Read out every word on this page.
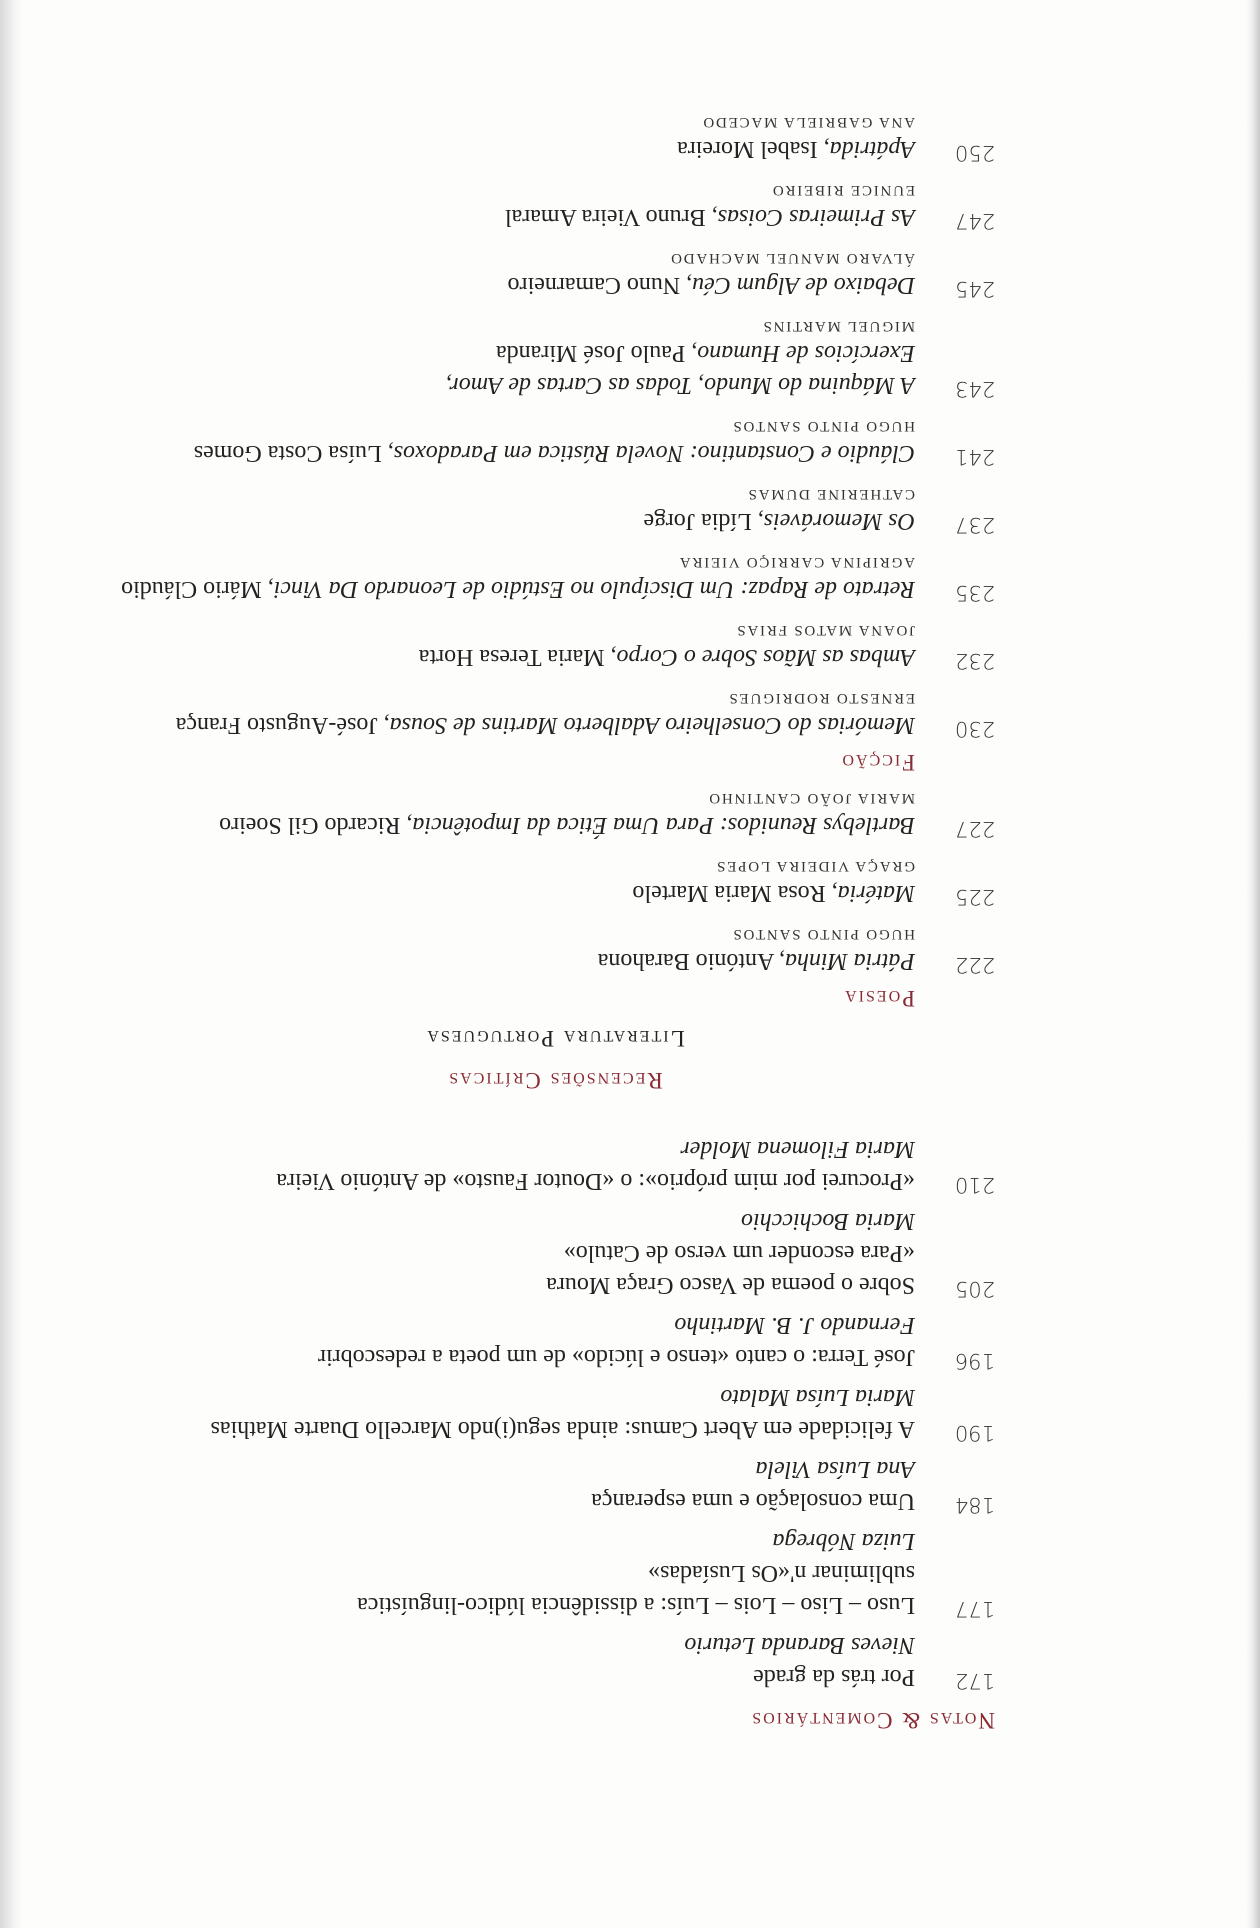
Notas & Comentários
172
Por trás da grade
Nieves Baranda Leturio
177
Luso – Liso – Lois – Luís: a dissidência lúdico-linguística
subliminar n'«Os Lusíadas»
Luiza Nóbrega
184
Uma consolação e uma esperança
Ana Luísa Vilela
190
A felicidade em Abert Camus: ainda segu(i)ndo Marcello Duarte Mathias
Maria Luísa Malato
196
José Terra: o canto «tenso e lúcido» de um poeta a redescobrir
Fernando J. B. Martinho
205
Sobre o poema de Vasco Graça Moura
«Para esconder um verso de Catulo»
Maria Bochicchio
210
«Procurei por mim próprio»: o «Doutor Fausto» de António Vieira
Maria Filomena Molder
Recensões Críticas
Literatura Portuguesa
Poesia
222
Pátria Minha, António Barahona
HUGO PINTO SANTOS
225
Matéria, Rosa Maria Martelo
GRAÇA VIDEIRA LOPES
227
Bartlebys Reunidos: Para Uma Ética da Impotência, Ricardo Gil Soeiro
MARIA JOÃO CANTINHO
Ficção
230
Memórias do Conselheiro Adalberto Martins de Sousa, José-Augusto França
ERNESTO RODRIGUES
232
Ambas as Mãos Sobre o Corpo, Maria Teresa Horta
JOANA MATOS FRIAS
235
Retrato de Rapaz: Um Discípulo no Estúdio de Leonardo Da Vinci, Mário Cláudio
AGRIPINA CARRIÇO VIEIRA
237
Os Memoráveis, Lídia Jorge
CATHERINE DUMAS
241
Cláudio e Constantino: Novela Rústica em Paradoxos, Luísa Costa Gomes
HUGO PINTO SANTOS
243
A Máquina do Mundo, Todas as Cartas de Amor,
Exercícios de Humano, Paulo José Miranda
MIGUEL MARTINS
245
Debaixo de Algum Céu, Nuno Camarneiro
ÁLVARO MANUEL MACHADO
247
As Primeiras Coisas, Bruno Vieira Amaral
EUNICE RIBEIRO
250
Apátrida, Isabel Moreira
ANA GABRIELA MACEDO
